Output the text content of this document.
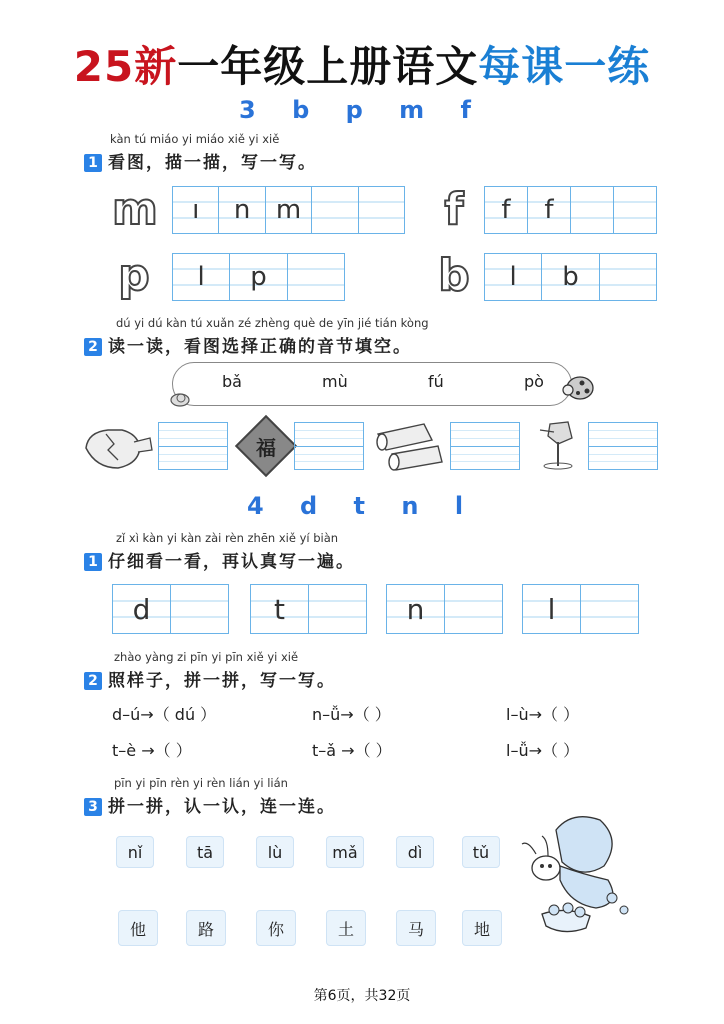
25新一年级上册语文每课一练
3 b p m f
kàn tú miáo yi miáo xiě yi xiě
1 看图，描一描，写一写。
m	ı	n m	f	f	f
p	l	p	b	l	b
dú yi dú kàn tú xuǎn zé zhèng què de yīn jié tián kòng
2 读一读，看图选择正确的音节填空。
bǎ	mù	fú	pò
福
4 d t n l
zǐ xì kàn yi kàn zài rèn zhēn xiě yí biàn
1 仔细看一看，再认真写一遍。
d	t	n	l
zhào yàng zi pīn yi pīn xiě yi xiě
2 照样子，拼一拼，写一写。
d–ú→（ dú ）	n–ǚ→（ ）	l–ù→（ ）
t–è →（ ）	t–ǎ →（ ）	l–ǚ→（ ）
pīn yi pīn rèn yi rèn lián yi lián
3 拼一拼，认一认，连一连。
nǐ	tā	lù	mǎ	dì	tǔ
他	路	你	土	马	地
第6页，共32页
